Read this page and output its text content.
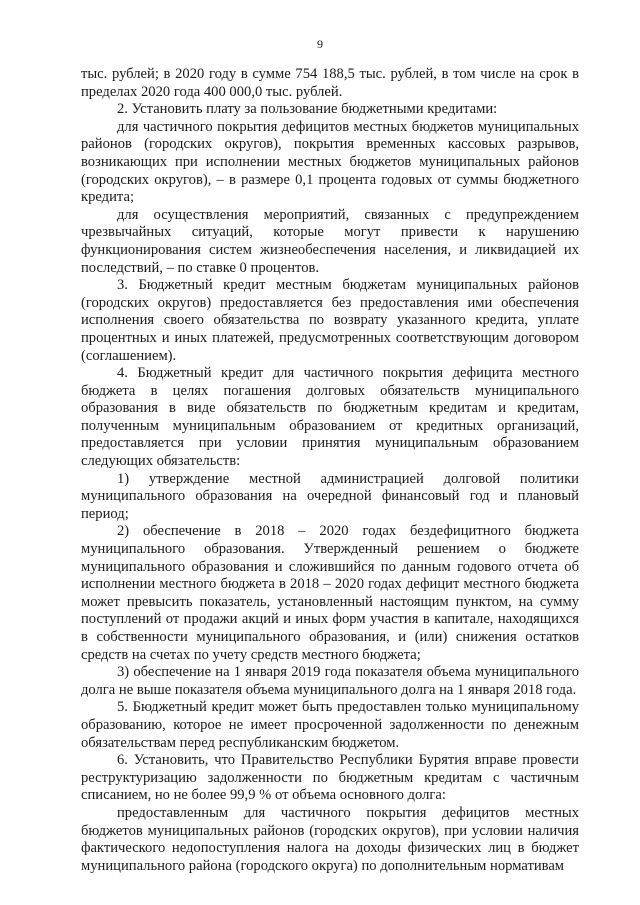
9

тыс. рублей; в 2020 году в сумме 754 188,5 тыс. рублей, в том числе на срок в пределах 2020 года 400 000,0 тыс. рублей.

2. Установить плату за пользование бюджетными кредитами:

для частичного покрытия дефицитов местных бюджетов муниципальных районов (городских округов), покрытия временных кассовых разрывов, возникающих при исполнении местных бюджетов муниципальных районов (городских округов), – в размере 0,1 процента годовых от суммы бюджетного кредита;

для осуществления мероприятий, связанных с предупреждением чрезвычайных ситуаций, которые могут привести к нарушению функционирования систем жизнеобеспечения населения, и ликвидацией их последствий, – по ставке 0 процентов.

3. Бюджетный кредит местным бюджетам муниципальных районов (городских округов) предоставляется без предоставления ими обеспечения исполнения своего обязательства по возврату указанного кредита, уплате процентных и иных платежей, предусмотренных соответствующим договором (соглашением).

4. Бюджетный кредит для частичного покрытия дефицита местного бюджета в целях погашения долговых обязательств муниципального образования в виде обязательств по бюджетным кредитам и кредитам, полученным муниципальным образованием от кредитных организаций, предоставляется при условии принятия муниципальным образованием следующих обязательств:

1) утверждение местной администрацией долговой политики муниципального образования на очередной финансовый год и плановый период;

2) обеспечение в 2018 – 2020 годах бездефицитного бюджета муниципального образования. Утвержденный решением о бюджете муниципального образования и сложившийся по данным годового отчета об исполнении местного бюджета в 2018 – 2020 годах дефицит местного бюджета может превысить показатель, установленный настоящим пунктом, на сумму поступлений от продажи акций и иных форм участия в капитале, находящихся в собственности муниципального образования, и (или) снижения остатков средств на счетах по учету средств местного бюджета;

3) обеспечение на 1 января 2019 года показателя объема муниципального долга не выше показателя объема муниципального долга на 1 января 2018 года.

5. Бюджетный кредит может быть предоставлен только муниципальному образованию, которое не имеет просроченной задолженности по денежным обязательствам перед республиканским бюджетом.

6. Установить, что Правительство Республики Бурятия вправе провести реструктуризацию задолженности по бюджетным кредитам с частичным списанием, но не более 99,9 % от объема основного долга:

предоставленным для частичного покрытия дефицитов местных бюджетов муниципальных районов (городских округов), при условии наличия фактического недопоступления налога на доходы физических лиц в бюджет муниципального района (городского округа) по дополнительным нормативам
